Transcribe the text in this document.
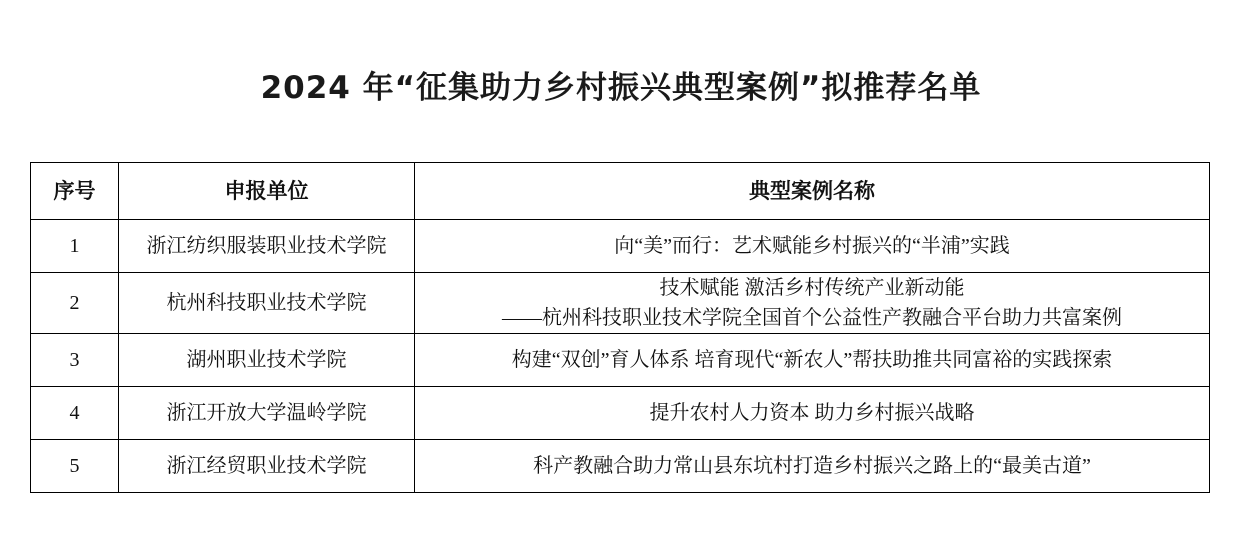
2024 年“征集助力乡村振兴典型案例”拟推荐名单
序号	申报单位	典型案例名称
1	浙江纺织服装职业技术学院	向“美”而行：艺术赋能乡村振兴的“半浦”实践

2	杭州科技职业技术学院	技术赋能 激活乡村传统产业新动能
——杭州科技职业技术学院全国首个公益性产教融合平台助力共富案例

3	湖州职业技术学院	构建“双创”育人体系 培育现代“新农人”帮扶助推共同富裕的实践探索

4	浙江开放大学温岭学院	提升农村人力资本 助力乡村振兴战略

5	浙江经贸职业技术学院	科产教融合助力常山县东坑村打造乡村振兴之路上的“最美古道”
